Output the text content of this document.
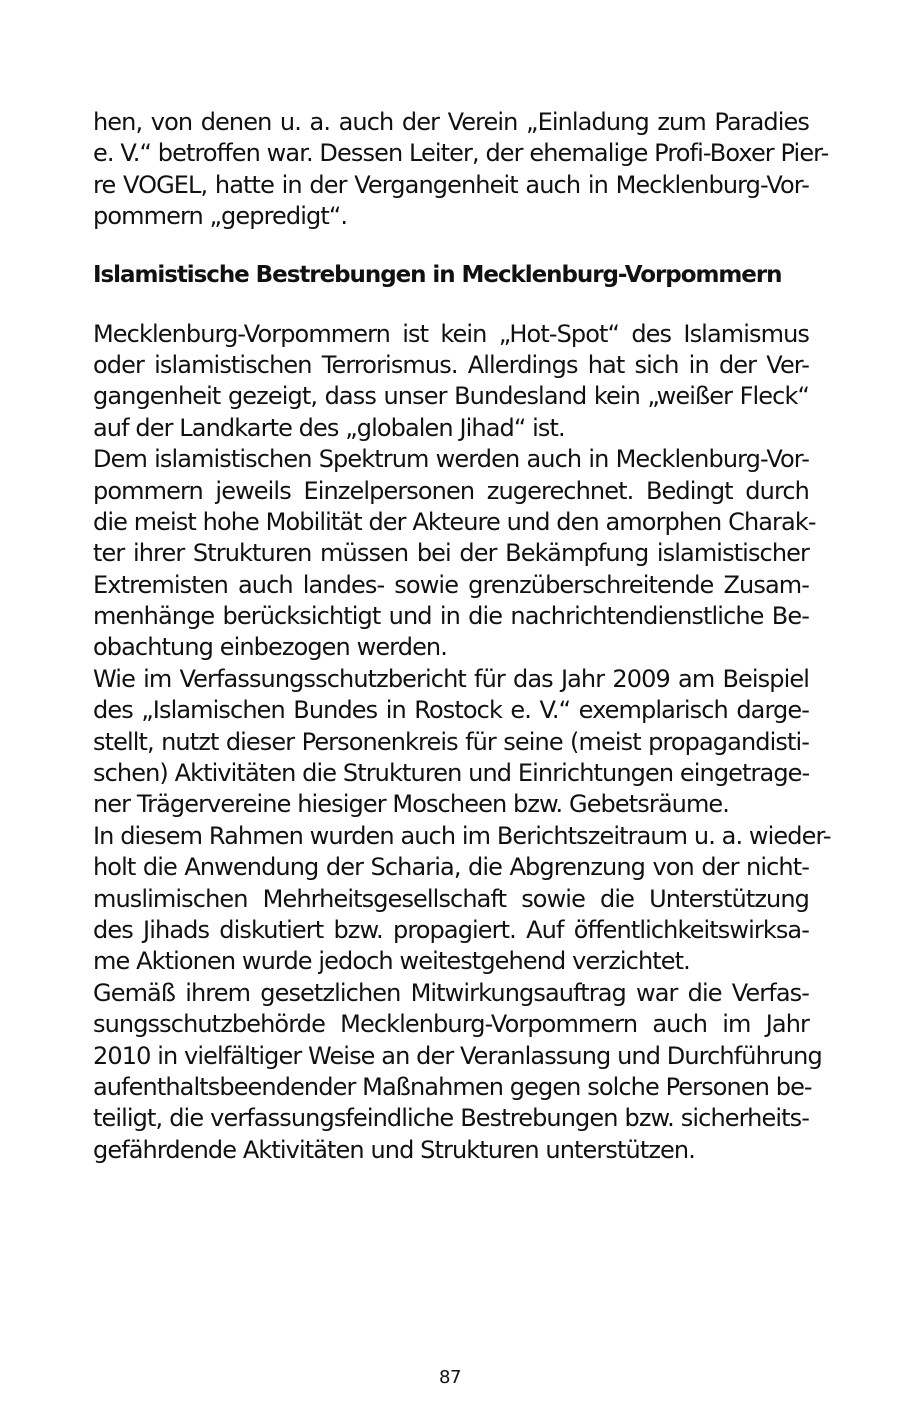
hen, von denen u. a. auch der Verein „Einladung zum Paradies
e. V.“ betroffen war. Dessen Leiter, der ehemalige Profi-Boxer Pier-
re VOGEL, hatte in der Vergangenheit auch in Mecklenburg-Vor-
pommern „gepredigt“.
Islamistische Bestrebungen in Mecklenburg-Vorpommern
Mecklenburg-Vorpommern ist kein „Hot-Spot“ des Islamismus
oder islamistischen Terrorismus. Allerdings hat sich in der Ver-
gangenheit gezeigt, dass unser Bundesland kein „weißer Fleck“
auf der Landkarte des „globalen Jihad“ ist.
Dem islamistischen Spektrum werden auch in Mecklenburg-Vor-
pommern jeweils Einzelpersonen zugerechnet. Bedingt durch
die meist hohe Mobilität der Akteure und den amorphen Charak-
ter ihrer Strukturen müssen bei der Bekämpfung islamistischer
Extremisten auch landes- sowie grenzüberschreitende Zusam-
menhänge berücksichtigt und in die nachrichtendienstliche Be-
obachtung einbezogen werden.
Wie im Verfassungsschutzbericht für das Jahr 2009 am Beispiel
des „Islamischen Bundes in Rostock e. V.“ exemplarisch darge-
stellt, nutzt dieser Personenkreis für seine (meist propagandisti-
schen) Aktivitäten die Strukturen und Einrichtungen eingetrage-
ner Trägervereine hiesiger Moscheen bzw. Gebetsräume.
In diesem Rahmen wurden auch im Berichtszeitraum u. a. wieder-
holt die Anwendung der Scharia, die Abgrenzung von der nicht-
muslimischen Mehrheitsgesellschaft sowie die Unterstützung
des Jihads diskutiert bzw. propagiert. Auf öffentlichkeitswirksa-
me Aktionen wurde jedoch weitestgehend verzichtet.
Gemäß ihrem gesetzlichen Mitwirkungsauftrag war die Verfas-
sungsschutzbehörde Mecklenburg-Vorpommern auch im Jahr
2010 in vielfältiger Weise an der Veranlassung und Durchführung
aufenthaltsbeendender Maßnahmen gegen solche Personen be-
teiligt, die verfassungsfeindliche Bestrebungen bzw. sicherheits-
gefährdende Aktivitäten und Strukturen unterstützen.
87
